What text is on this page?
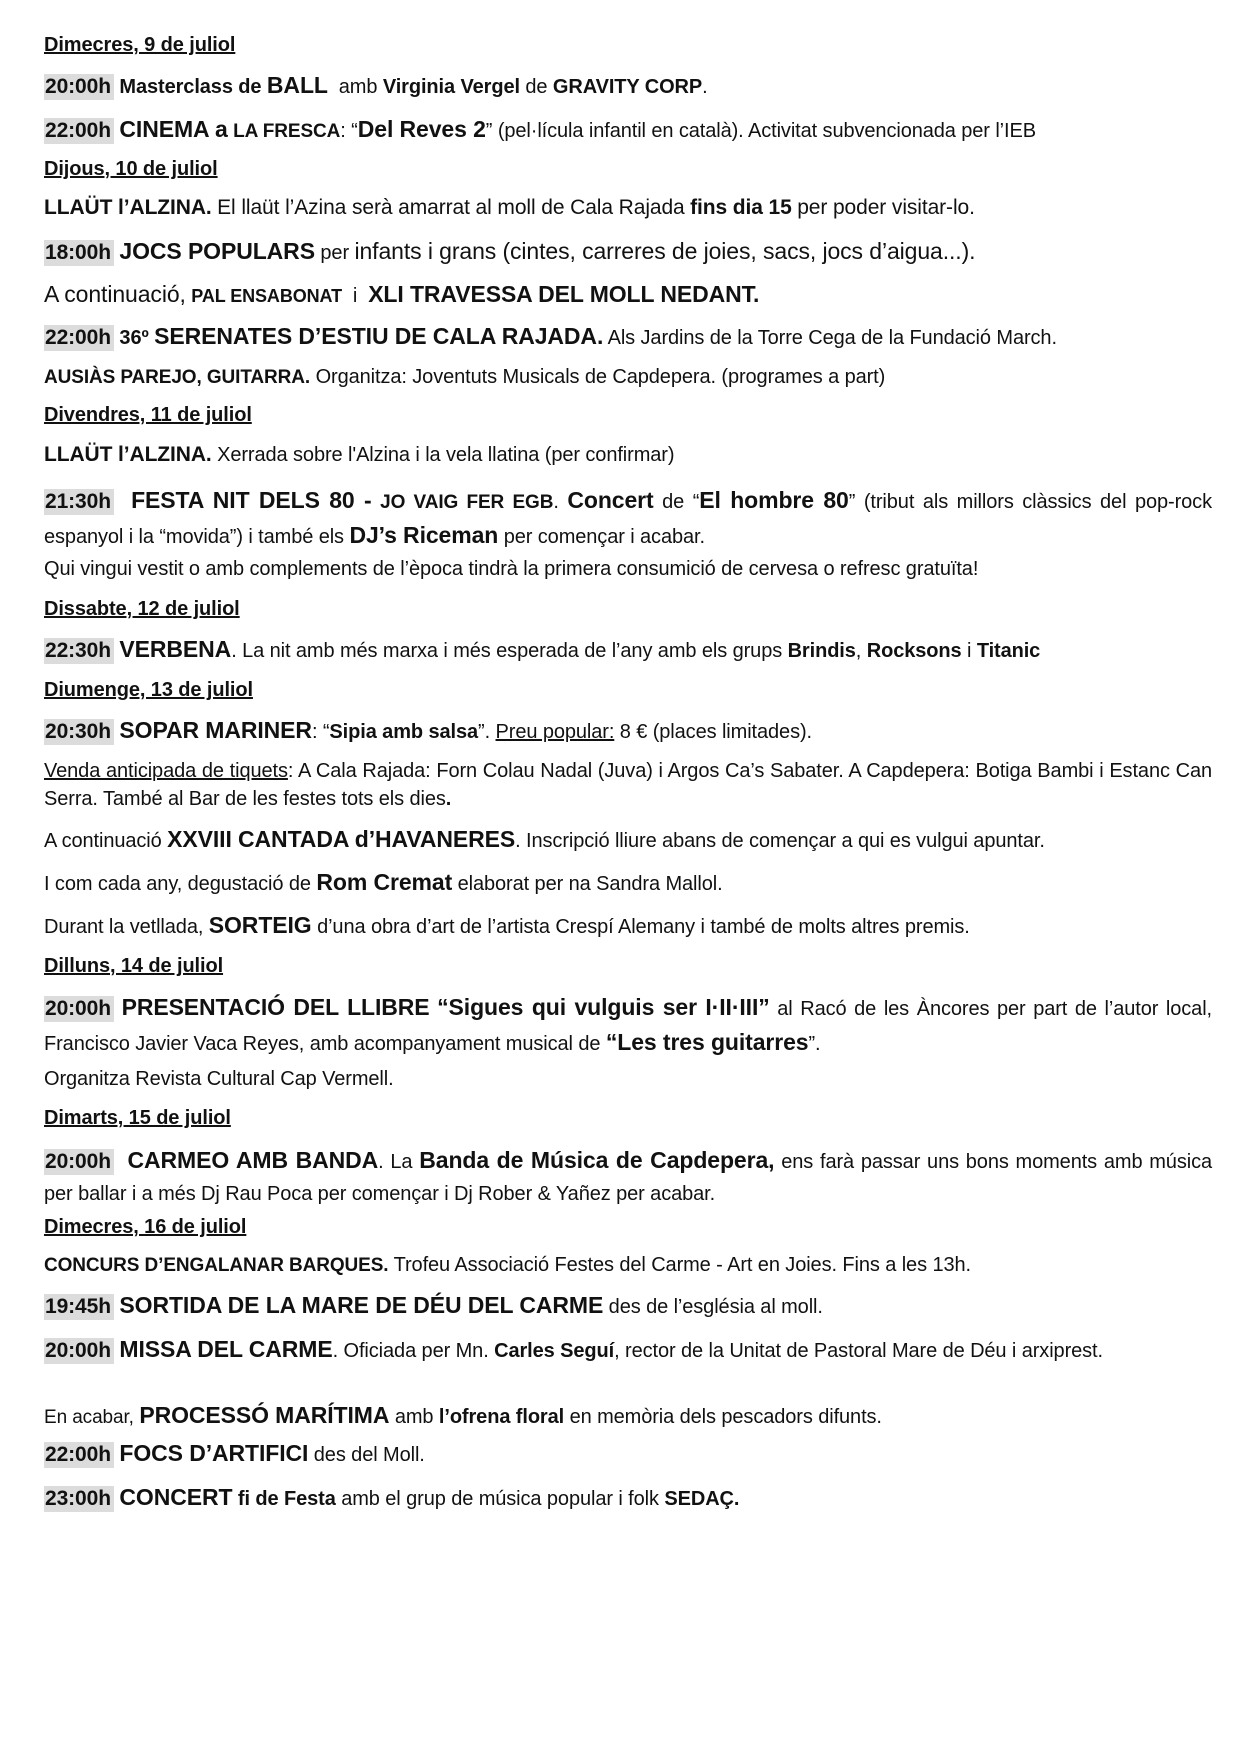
Dimecres, 9 de juliol
20:00h Masterclass de BALL amb Virginia Vergel de GRAVITY CORP.
22:00h CINEMA a LA FRESCA: “Del Reves 2” (pel·lícula infantil en català). Activitat subvencionada per l’IEB
Dijous, 10 de juliol
LLAÜT l’ALZINA. El llaüt l’Azina serà amarrat al moll de Cala Rajada fins dia 15 per poder visitar-lo.
18:00h JOCS POPULARS per infants i grans (cintes, carreres de joies, sacs, jocs d’aigua...).
A continuació, PAL ENSABONAT i XLI TRAVESSA DEL MOLL NEDANT.
22:00h 36º SERENATES D’ESTIU DE CALA RAJADA. Als Jardins de la Torre Cega de la Fundació March.
AUSIÀS PAREJO, GUITARRA. Organitza: Joventuts Musicals de Capdepera. (programes a part)
Divendres, 11 de juliol
LLAÜT l’ALZINA. Xerrada sobre l'Alzina i la vela llatina (per confirmar)
21:30h FESTA NIT DELS 80 - JO VAIG FER EGB. Concert de “El hombre 80” (tribut als millors clàssics del pop-rock espanyol i la “movida”) i també els DJ’s Riceman per començar i acabar.
Qui vingui vestit o amb complements de l’època tindrà la primera consumició de cervesa o refresc gratuïta!
Dissabte, 12 de juliol
22:30h VERBENA. La nit amb més marxa i més esperada de l’any amb els grups Brindis, Rocksons i Titanic
Diumenge, 13 de juliol
20:30h SOPAR MARINER: “Sipia amb salsa”. Preu popular: 8 € (places limitades).
Venda anticipada de tiquets: A Cala Rajada: Forn Colau Nadal (Juva) i Argos Ca’s Sabater. A Capdepera: Botiga Bambi i Estanc Can Serra. També al Bar de les festes tots els dies.
A continuació XXVIII CANTADA d’HAVANERES. Inscripció lliure abans de començar a qui es vulgui apuntar.
I com cada any, degustació de Rom Cremat elaborat per na Sandra Mallol.
Durant la vetllada, SORTEIG d’una obra d’art de l’artista Crespí Alemany i també de molts altres premis.
Dilluns, 14 de juliol
20:00h PRESENTACIÓ DEL LLIBRE “Sigues qui vulguis ser I·II·III” al Racó de les Àncores per part de l’autor local, Francisco Javier Vaca Reyes, amb acompanyament musical de “Les tres guitarres”.
Organitza Revista Cultural Cap Vermell.
Dimarts, 15 de juliol
20:00h CARMEO AMB BANDA. La Banda de Música de Capdepera, ens farà passar uns bons moments amb música per ballar i a més Dj Rau Poca per començar i Dj Rober & Yañez per acabar.
Dimecres, 16 de juliol
CONCURS D’ENGALANAR BARQUES. Trofeu Associació Festes del Carme - Art en Joies. Fins a les 13h.
19:45h SORTIDA DE LA MARE DE DÉU DEL CARME des de l’església al moll.
20:00h MISSA DEL CARME. Oficiada per Mn. Carles Seguí, rector de la Unitat de Pastoral Mare de Déu i arxiprest.
En acabar, PROCESSÓ MARÍTIMA amb l’ofrena floral en memòria dels pescadors difunts.
22:00h FOCS D’ARTIFICI des del Moll.
23:00h CONCERT fi de Festa amb el grup de música popular i folk SEDAÇ.
